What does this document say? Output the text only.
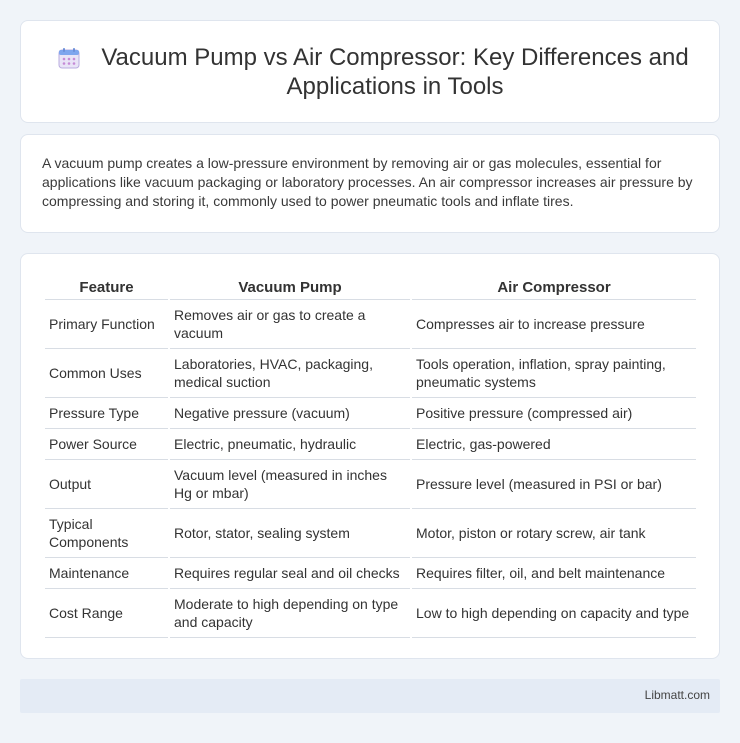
Vacuum Pump vs Air Compressor: Key Differences and Applications in Tools

A vacuum pump creates a low-pressure environment by removing air or gas molecules, essential for applications like vacuum packaging or laboratory processes. An air compressor increases air pressure by compressing and storing it, commonly used to power pneumatic tools and inflate tires.

Feature	Vacuum Pump	Air Compressor
Primary Function	Removes air or gas to create a vacuum	Compresses air to increase pressure
Common Uses	Laboratories, HVAC, packaging, medical suction	Tools operation, inflation, spray painting, pneumatic systems
Pressure Type	Negative pressure (vacuum)	Positive pressure (compressed air)
Power Source	Electric, pneumatic, hydraulic	Electric, gas-powered
Output	Vacuum level (measured in inches Hg or mbar)	Pressure level (measured in PSI or bar)
Typical Components	Rotor, stator, sealing system	Motor, piston or rotary screw, air tank
Maintenance	Requires regular seal and oil checks	Requires filter, oil, and belt maintenance
Cost Range	Moderate to high depending on type and capacity	Low to high depending on capacity and type
Libmatt.com
